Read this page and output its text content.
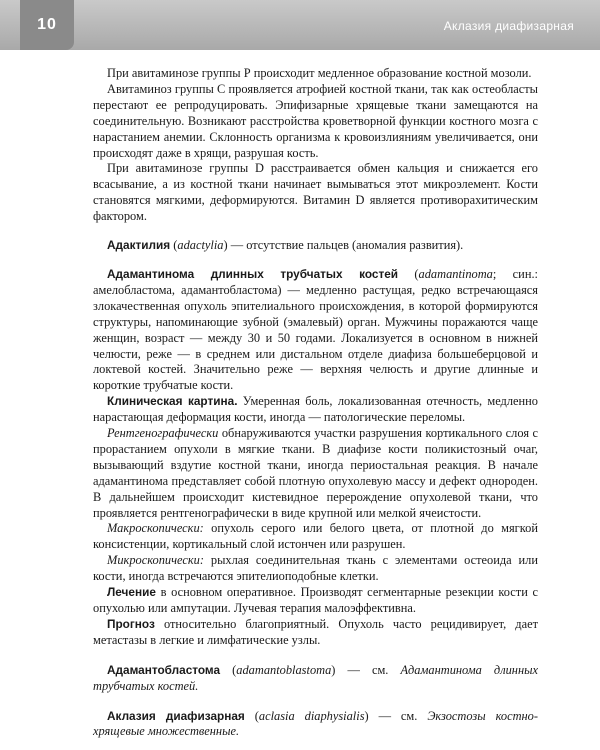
10	Аклазия диафизарная

При авитаминозе группы Р происходит медленное образование костной мозоли.

Авитаминоз группы С проявляется атрофией костной ткани, так как остеобласты перестают ее репродуцировать. Эпифизарные хрящевые ткани замещаются на соединительную. Возникают расстройства кроветворной функции костного мозга с нарастанием анемии. Склонность организма к кровоизлияниям увеличивается, они происходят даже в хрящи, разрушая кость.

При авитаминозе группы D расстраивается обмен кальция и снижается его всасывание, а из костной ткани начинает вымываться этот микроэлемент. Кости становятся мягкими, деформируются. Витамин D является противорахитическим фактором.

Адактилия (adactylia) — отсутствие пальцев (аномалия развития).

Адамантинома длинных трубчатых костей (adamantinoma; син.: амелобластома, адамантобластома) — медленно растущая, редко встречающаяся злокачественная опухоль эпителиального происхождения, в которой формируются структуры, напоминающие зубной (эмалевый) орган. Мужчины поражаются чаще женщин, возраст — между 30 и 50 годами. Локализуется в основном в нижней челюсти, реже — в среднем или дистальном отделе диафиза большеберцовой и локтевой костей. Значительно реже — верхняя челюсть и другие длинные и короткие трубчатые кости.

Клиническая картина. Умеренная боль, локализованная отечность, медленно нарастающая деформация кости, иногда — патологические переломы.

Рентгенографически обнаруживаются участки разрушения кортикального слоя с прорастанием опухоли в мягкие ткани. В диафизе кости поликистозный очаг, вызывающий вздутие костной ткани, иногда периостальная реакция. В начале адамантинома представляет собой плотную опухолевую массу и дефект однороден. В дальнейшем происходит кистевидное перерождение опухолевой ткани, что проявляется рентгенографически в виде крупной или мелкой ячеистости.

Макроскопически: опухоль серого или белого цвета, от плотной до мягкой консистенции, кортикальный слой истончен или разрушен.

Микроскопически: рыхлая соединительная ткань с элементами остеоида или кости, иногда встречаются эпителиоподобные клетки.

Лечение в основном оперативное. Производят сегментарные резекции кости с опухолью или ампутации. Лучевая терапия малоэффективна.

Прогноз относительно благоприятный. Опухоль часто рецидивирует, дает метастазы в легкие и лимфатические узлы.

Адамантобластома (adamantoblastoma) — см. Адамантинома длинных трубчатых костей.

Аклазия диафизарная (aclasia diaphysialis) — см. Экзостозы костно-хрящевые множественные.
